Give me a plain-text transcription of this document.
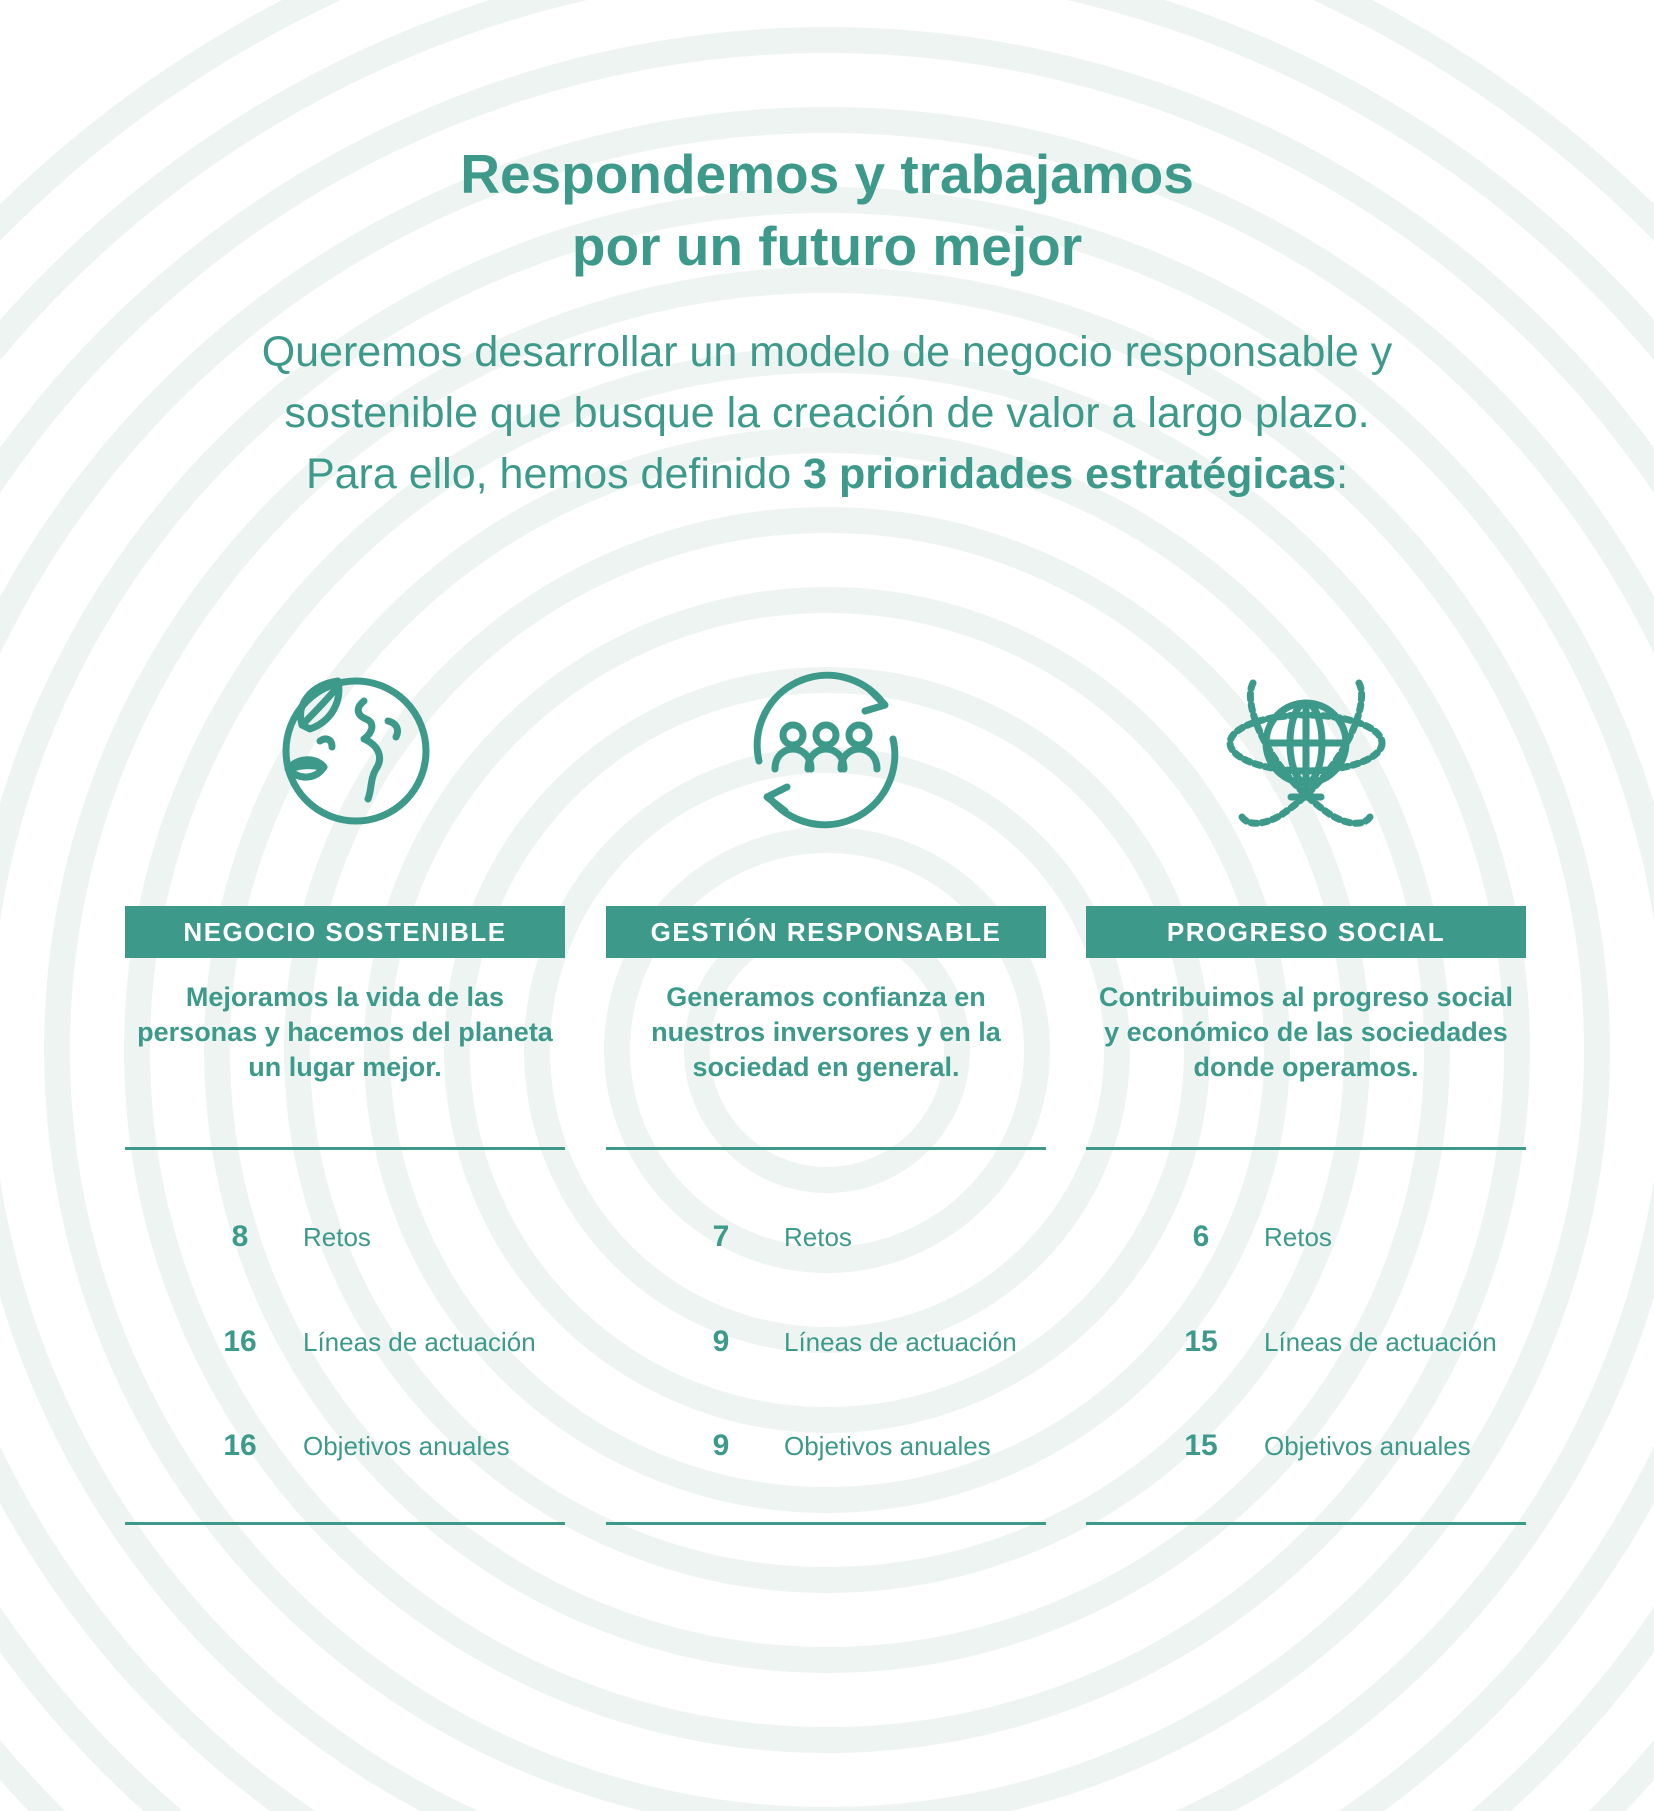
Respondemos y trabajamos
por un futuro mejor

Queremos desarrollar un modelo de negocio responsable y
sostenible que busque la creación de valor a largo plazo.
Para ello, hemos definido 3 prioridades estratégicas:

NEGOCIO SOSTENIBLE

Mejoramos la vida de las personas y hacemos del planeta un lugar mejor.

8	Retos
16	Líneas de actuación
16	Objetivos anuales
GESTIÓN RESPONSABLE

Generamos confianza en nuestros inversores y en la sociedad en general.

7	Retos
9	Líneas de actuación
9	Objetivos anuales
PROGRESO SOCIAL

Contribuimos al progreso social y económico de las sociedades donde operamos.

6	Retos
15	Líneas de actuación
15	Objetivos anuales
